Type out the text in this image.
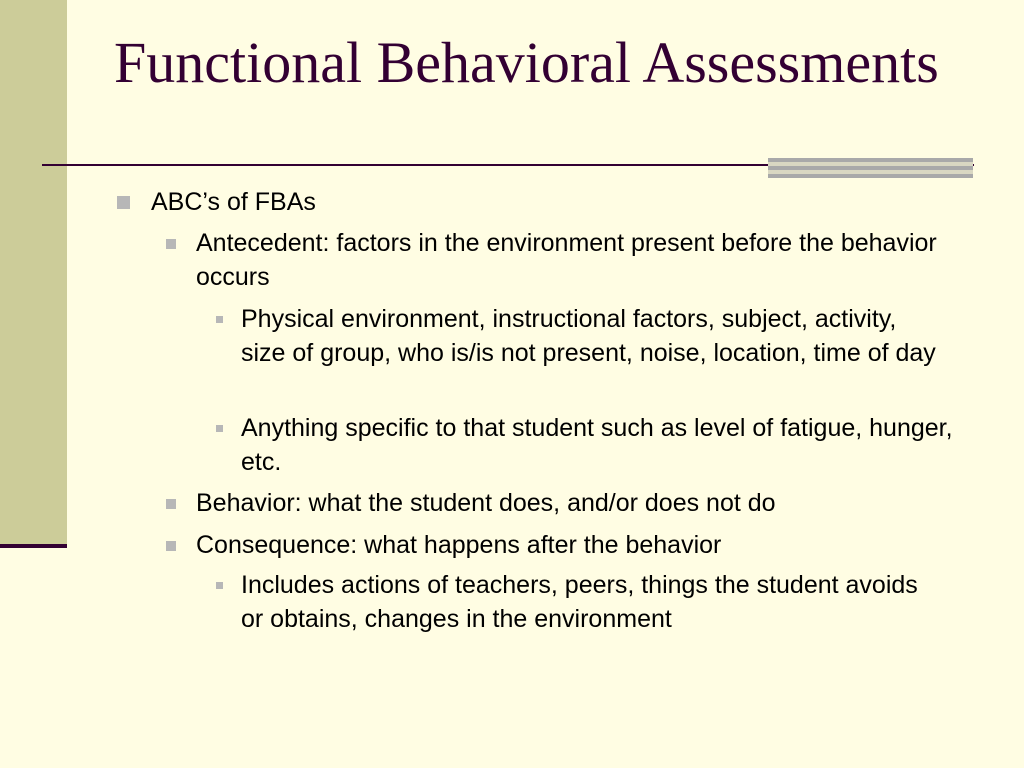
Functional Behavioral Assessments
ABC’s of FBAs
Antecedent: factors in the environment present before the behavior occurs
Physical environment, instructional factors, subject, activity, size of group, who is/is not present, noise, location, time of day
Anything specific to that student such as level of fatigue, hunger, etc.
Behavior: what the student does, and/or does not do
Consequence: what happens after the behavior
Includes actions of teachers, peers, things the student avoids or obtains, changes in the environment
